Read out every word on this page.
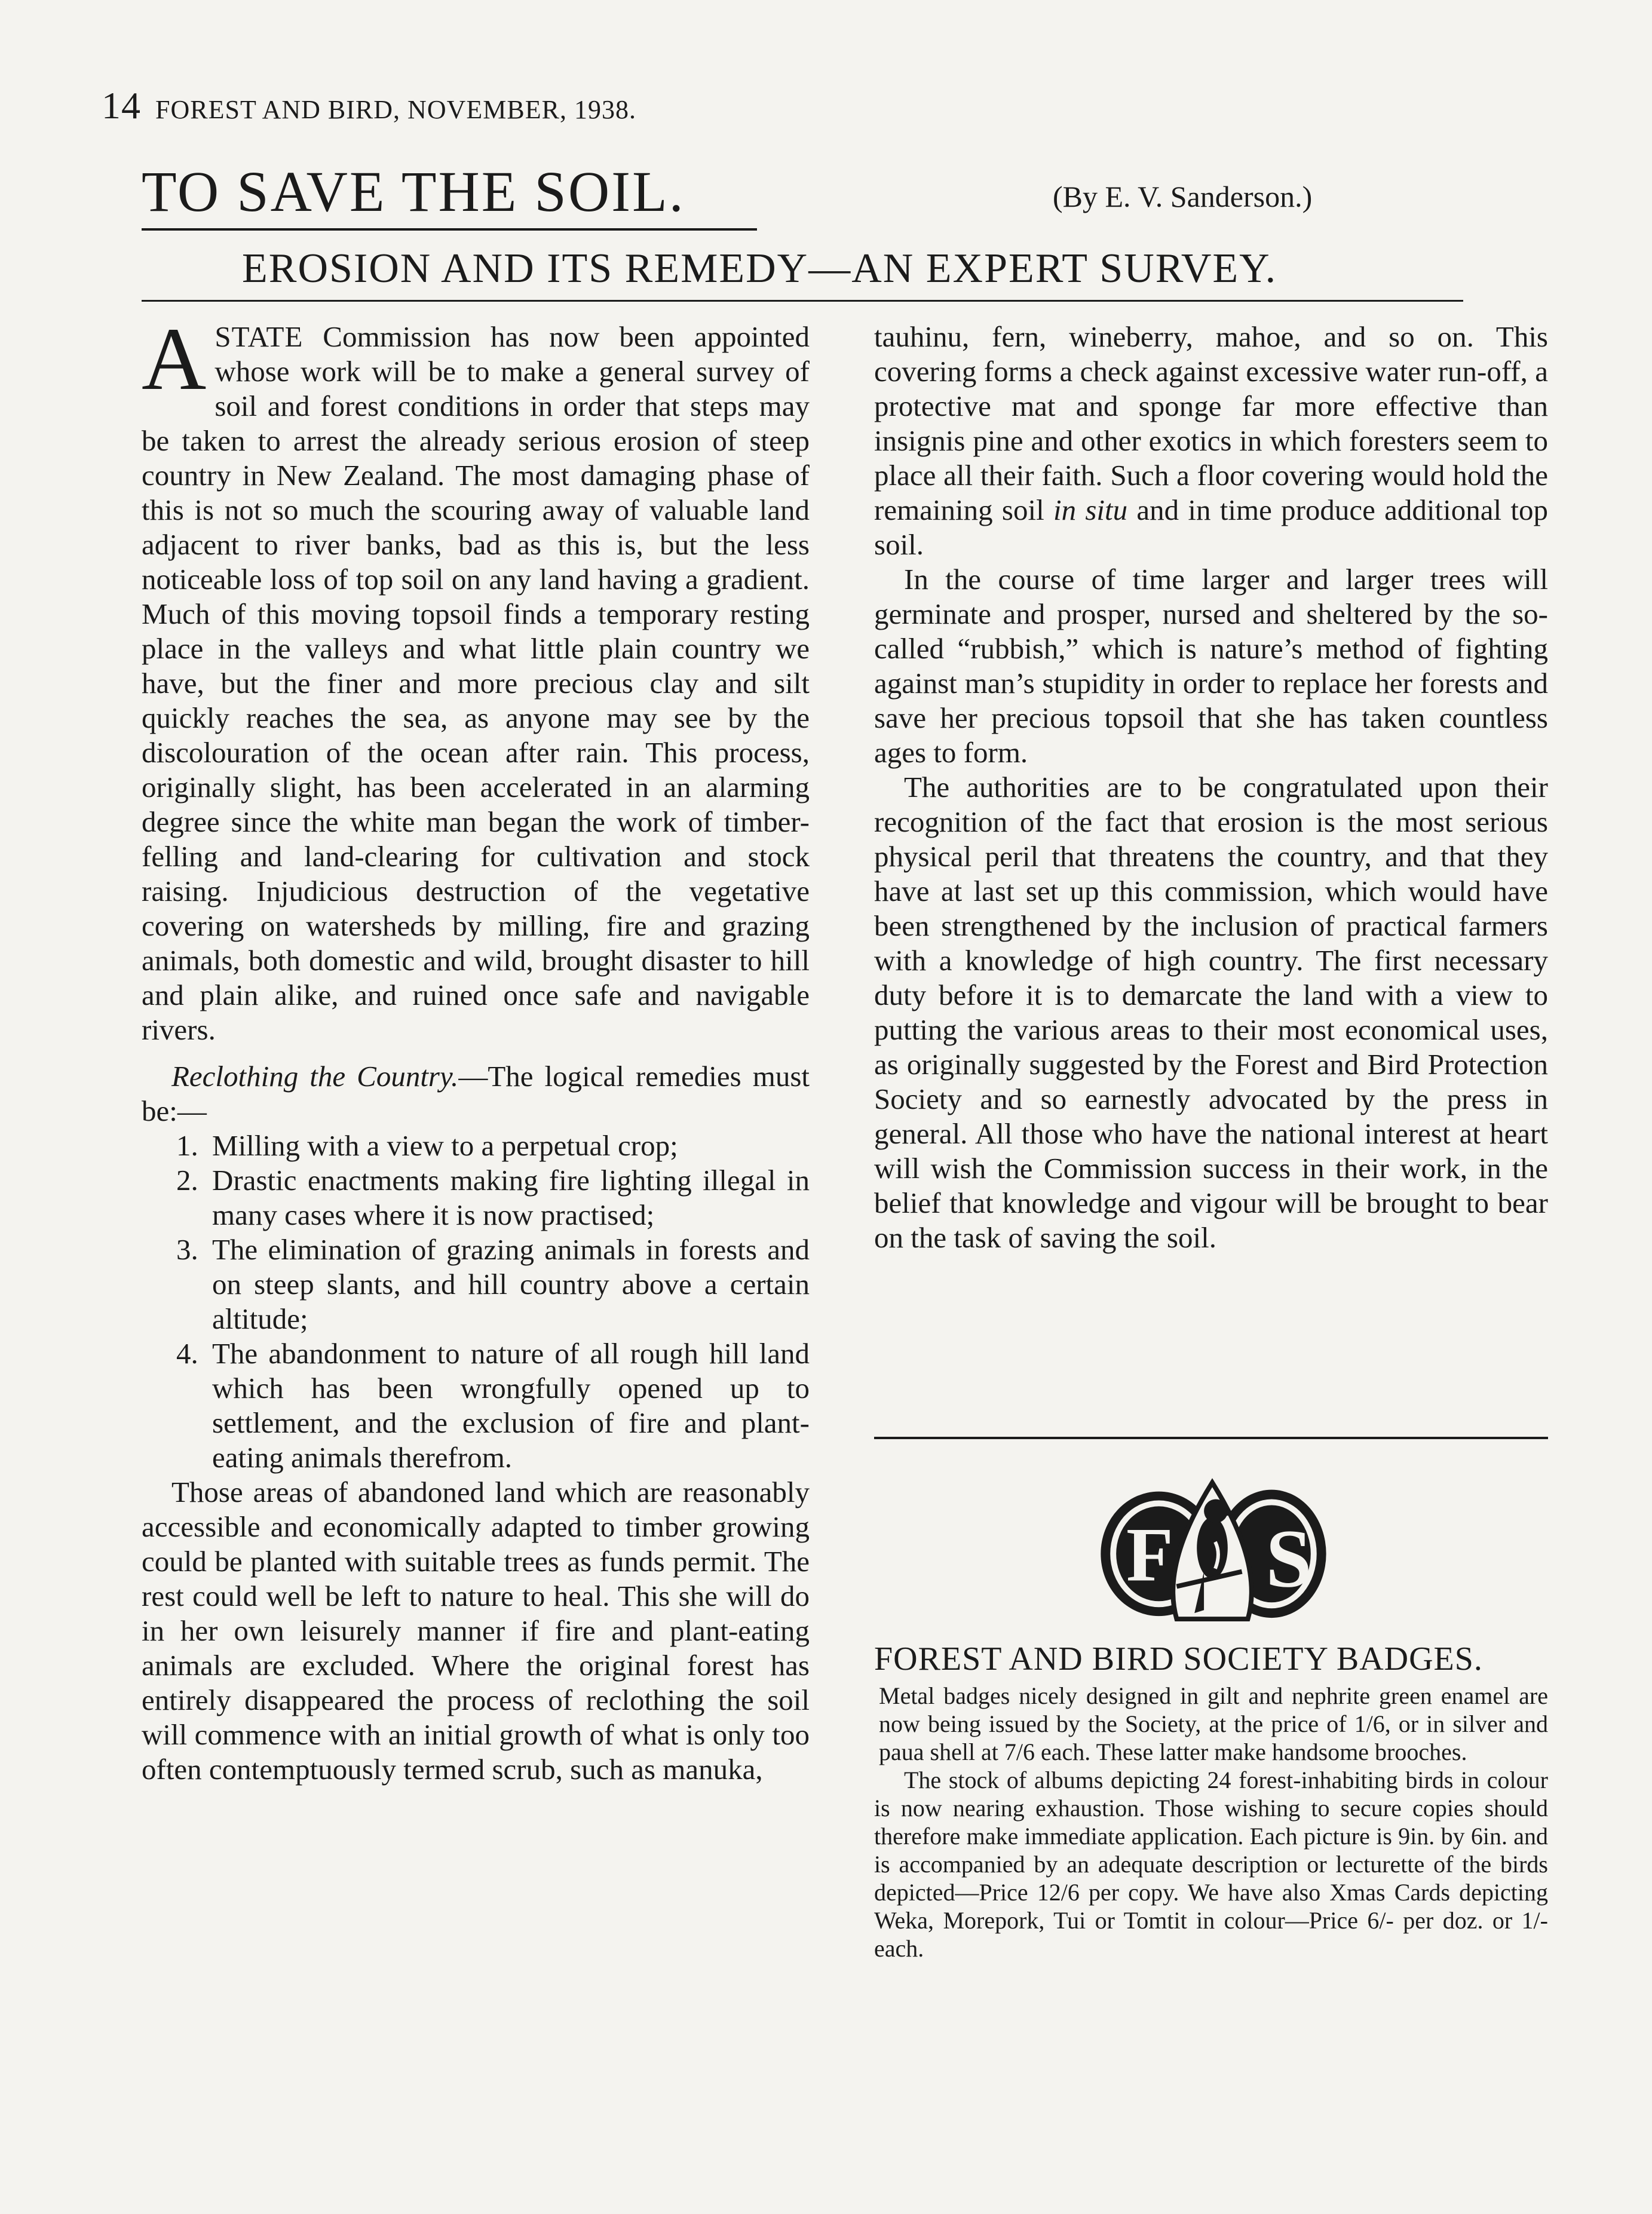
14 FOREST AND BIRD, NOVEMBER, 1938.
TO SAVE THE SOIL.	(By E. V. Sanderson.)
EROSION AND ITS REMEDY—AN EXPERT SURVEY.

ASTATE Commission has now been appointed whose work will be to make a general survey of soil and forest conditions in order that steps may be taken to arrest the already serious erosion of steep country in New Zealand. The most damaging phase of this is not so much the scouring away of valuable land adjacent to river banks, bad as this is, but the less noticeable loss of top soil on any land having a gradient. Much of this moving topsoil finds a temporary resting place in the valleys and what little plain country we have, but the finer and more precious clay and silt quickly reaches the sea, as anyone may see by the discolouration of the ocean after rain. This process, originally slight, has been accelerated in an alarming degree since the white man began the work of timber-felling and land-clearing for cultivation and stock raising. Injudicious destruction of the vegetative covering on watersheds by milling, fire and grazing animals, both domestic and wild, brought disaster to hill and plain alike, and ruined once safe and navigable rivers.

Reclothing the Country.—The logical remedies must be:—

1. Milling with a view to a perpetual crop;
2. Drastic enactments making fire lighting illegal in many cases where it is now practised;
3. The elimination of grazing animals in forests and on steep slants, and hill country above a certain altitude;
4. The abandonment to nature of all rough hill land which has been wrongfully opened up to settlement, and the exclusion of fire and plant-eating animals therefrom.

Those areas of abandoned land which are reasonably accessible and economically adapted to timber growing could be planted with suitable trees as funds permit. The rest could well be left to nature to heal. This she will do in her own leisurely manner if fire and plant-eating animals are excluded. Where the original forest has entirely disappeared the process of reclothing the soil will commence with an initial growth of what is only too often contemptuously termed scrub, such as manuka,

tauhinu, fern, wineberry, mahoe, and so on. This covering forms a check against excessive water run-off, a protective mat and sponge far more effective than insignis pine and other exotics in which foresters seem to place all their faith. Such a floor covering would hold the remaining soil in situ and in time produce additional top soil.

In the course of time larger and larger trees will germinate and prosper, nursed and sheltered by the so-called “rubbish,” which is nature’s method of fighting against man’s stupidity in order to replace her forests and save her precious topsoil that she has taken countless ages to form.

The authorities are to be congratulated upon their recognition of the fact that erosion is the most serious physical peril that threatens the country, and that they have at last set up this commission, which would have been strengthened by the inclusion of practical farmers with a knowledge of high country. The first necessary duty before it is to demarcate the land with a view to putting the various areas to their most economical uses, as originally suggested by the Forest and Bird Protection Society and so earnestly advocated by the press in general. All those who have the national interest at heart will wish the Commission success in their work, in the belief that knowledge and vigour will be brought to bear on the task of saving the soil.

F S
FOREST AND BIRD SOCIETY BADGES.

Metal badges nicely designed in gilt and nephrite green enamel are now being issued by the Society, at the price of 1/6, or in silver and paua shell at 7/6 each. These latter make handsome brooches.

The stock of albums depicting 24 forest-inhabiting birds in colour is now nearing exhaustion. Those wishing to secure copies should therefore make immediate application. Each picture is 9in. by 6in. and is accompanied by an adequate description or lecturette of the birds depicted—Price 12/6 per copy. We have also Xmas Cards depicting Weka, Morepork, Tui or Tomtit in colour—Price 6/- per doz. or 1/- each.
